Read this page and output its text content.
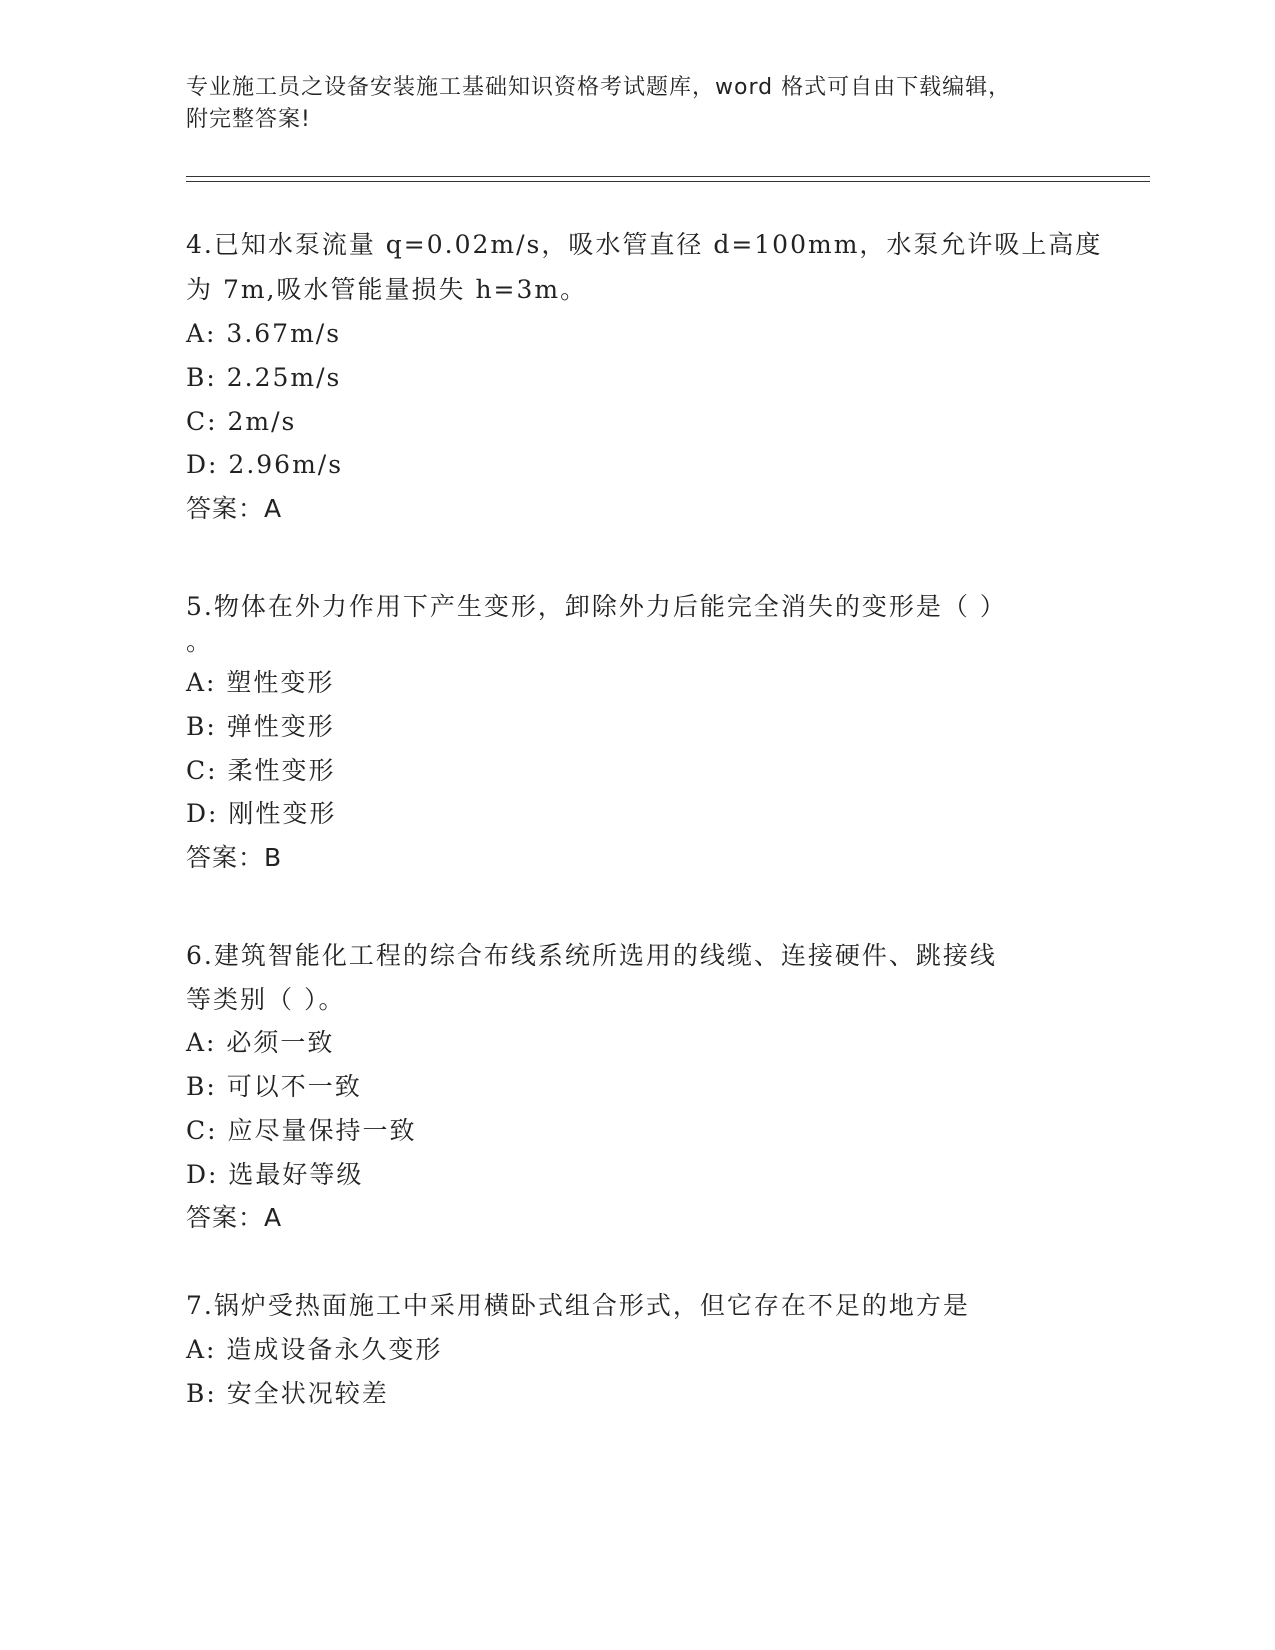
专业施工员之设备安装施工基础知识资格考试题库，word 格式可自由下载编辑，
附完整答案!
4.已知水泵流量 q=0.02m/s，吸水管直径 d=100mm，水泵允许吸上高度
为 7m,吸水管能量损失 h=3m。
A: 3.67m/s
B: 2.25m/s
C: 2m/s
D: 2.96m/s
答案：A
5.物体在外力作用下产生变形，卸除外力后能完全消失的变形是（ ）
。
A: 塑性变形
B: 弹性变形
C: 柔性变形
D: 刚性变形
答案：B
6.建筑智能化工程的综合布线系统所选用的线缆、连接硬件、跳接线
等类别（ ）。
A: 必须一致
B: 可以不一致
C: 应尽量保持一致
D: 选最好等级
答案：A
7.锅炉受热面施工中采用横卧式组合形式，但它存在不足的地方是
A: 造成设备永久变形
B: 安全状况较差
